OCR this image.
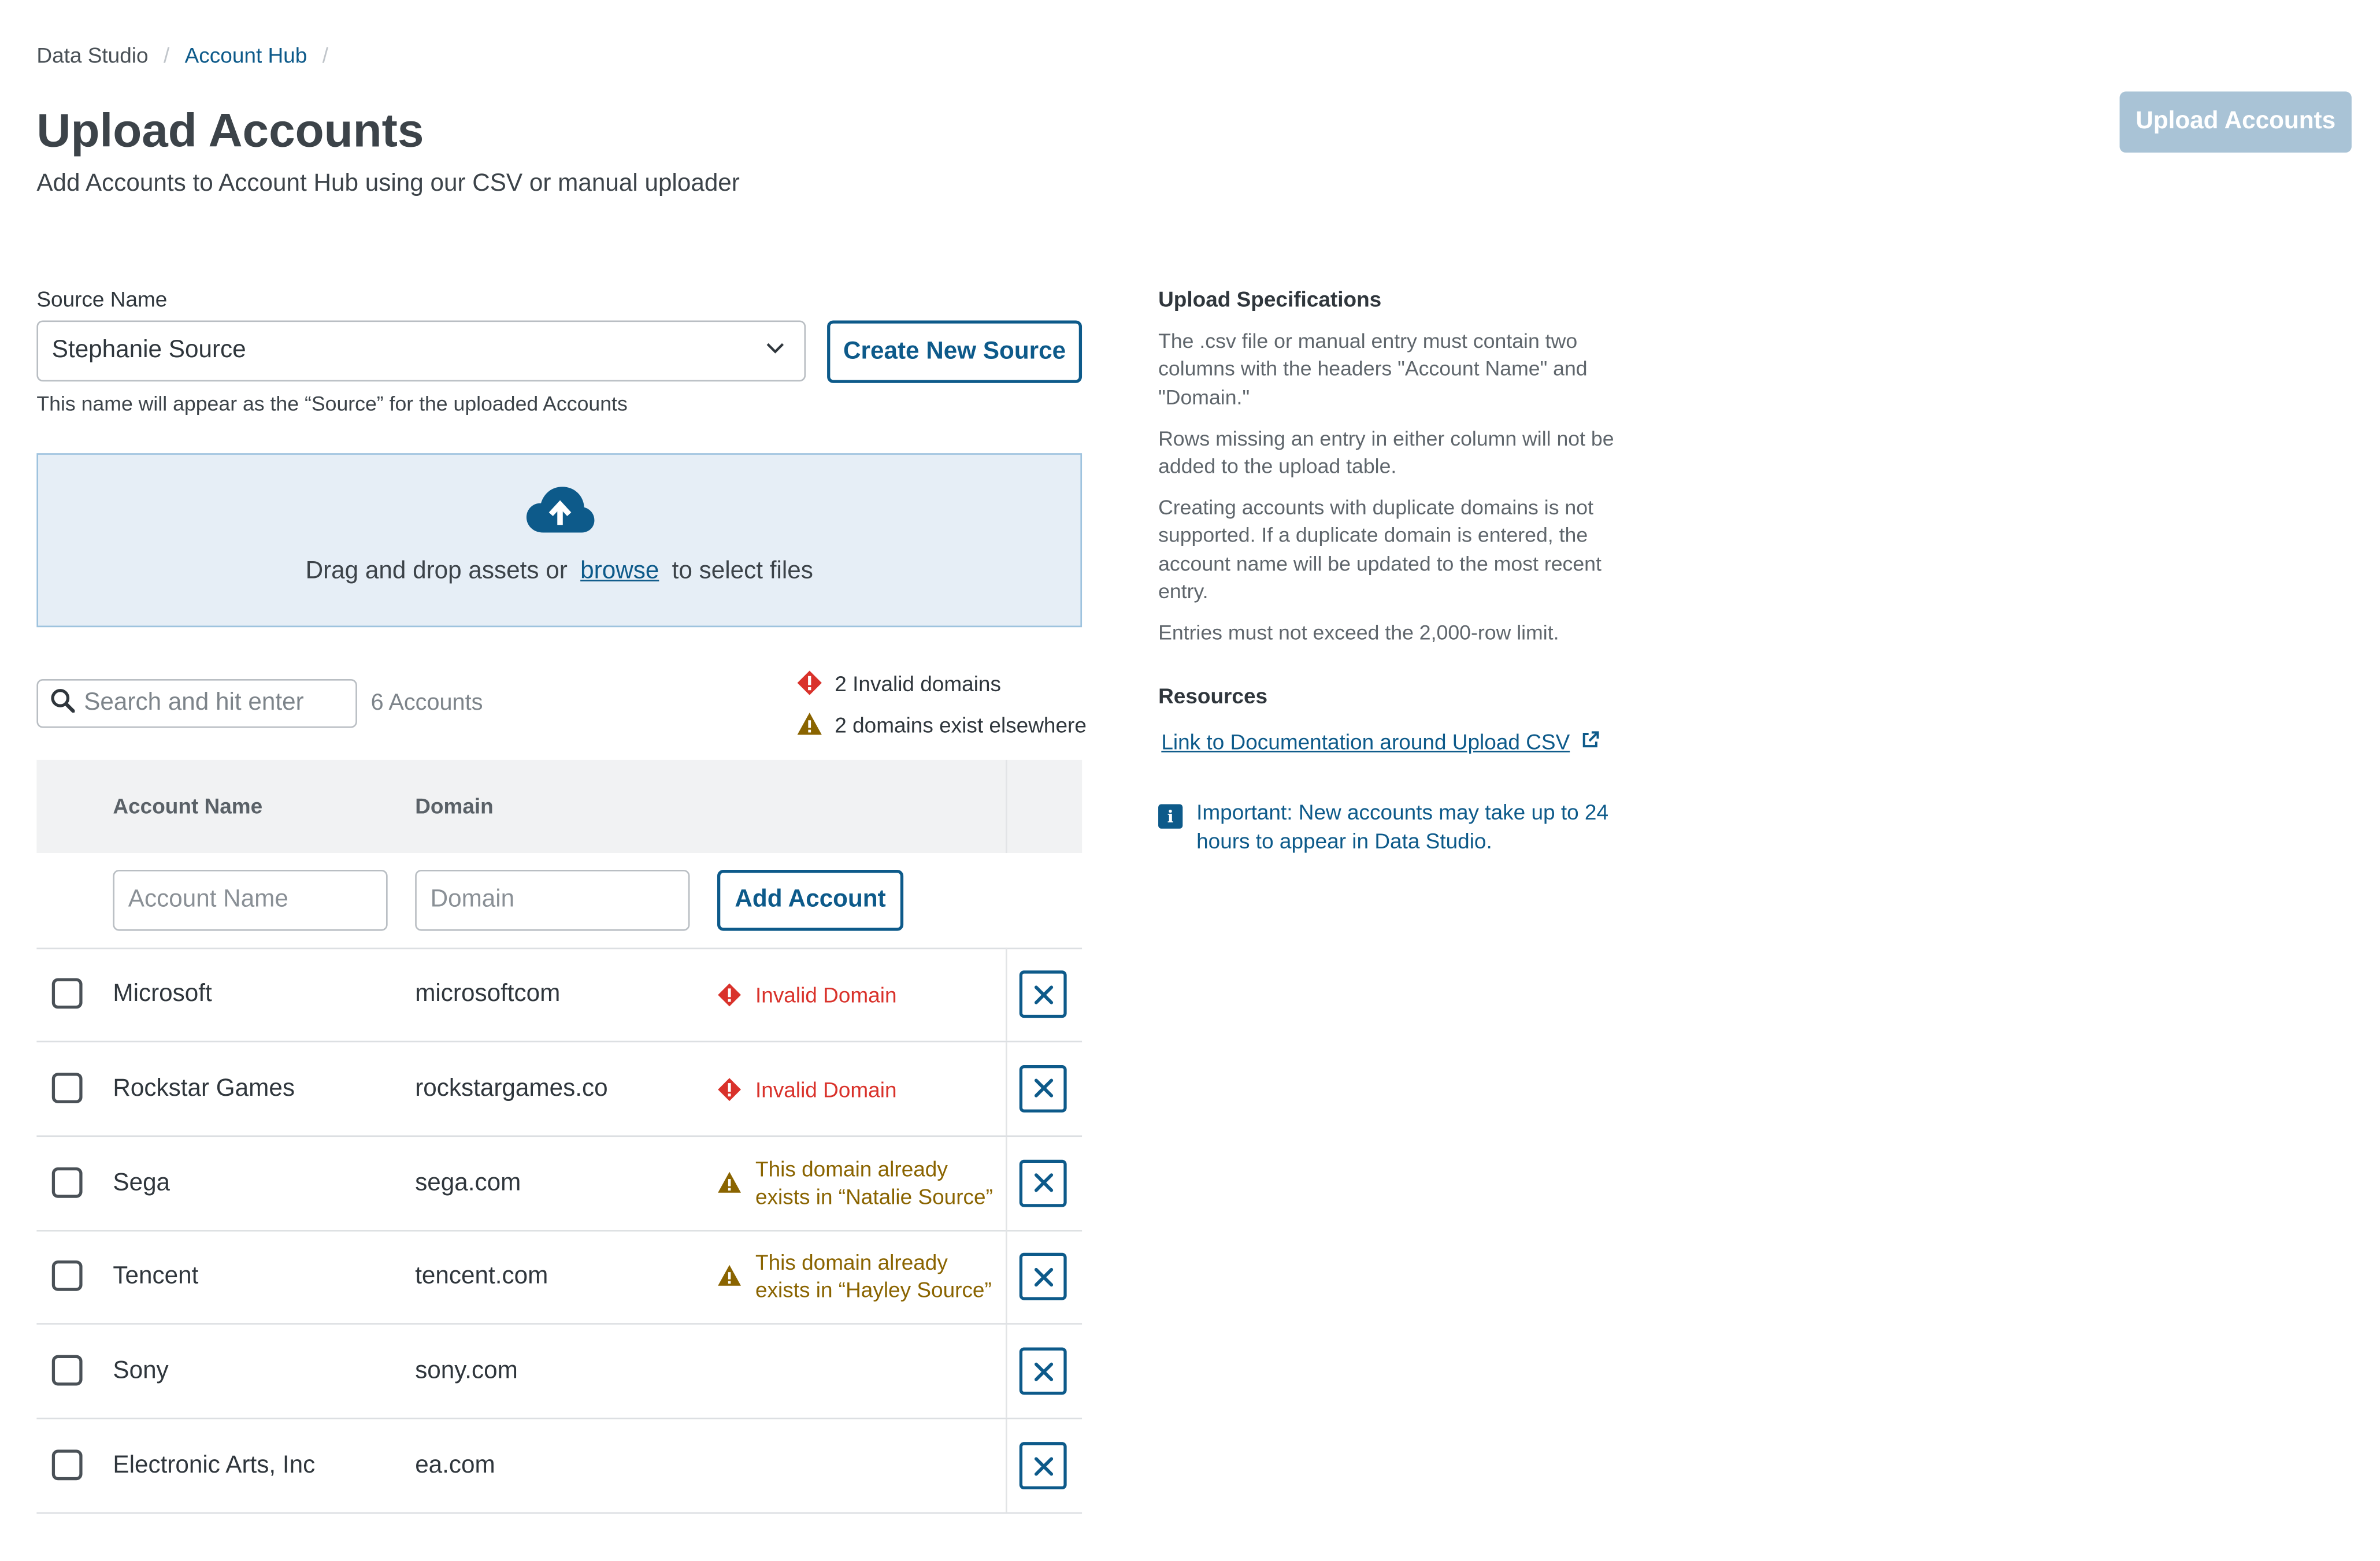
Data Studio / Account Hub /
Upload Accounts
Add Accounts to Account Hub using our CSV or manual uploader
Upload Accounts
Source Name
Stephanie Source	Create New Source
This name will appear as the “Source” for the uploaded Accounts
Drag and drop assets or browse to select files
Search and hit enter	6 Accounts
2 Invalid domains
2 domains exist elsewhere
Account Name	Domain
Account Name	Domain	Add Account
Microsoft	microsoftcom	Invalid Domain
Rockstar Games	rockstargames.co	Invalid Domain
Sega	sega.com
This domain already
exists in “Natalie Source”
Tencent	tencent.com
This domain already
exists in “Hayley Source”
Sony	sony.com
Electronic Arts, Inc	ea.com
Upload Specifications
The .csv file or manual entry must contain two columns with the headers "Account Name" and "Domain."
Rows missing an entry in either column will not be added to the upload table.
Creating accounts with duplicate domains is not supported. If a duplicate domain is entered, the account name will be updated to the most recent entry.
Entries must not exceed the 2,000-row limit.
Resources
Link to Documentation around Upload CSV
i	Important: New accounts may take up to 24 hours to appear in Data Studio.
